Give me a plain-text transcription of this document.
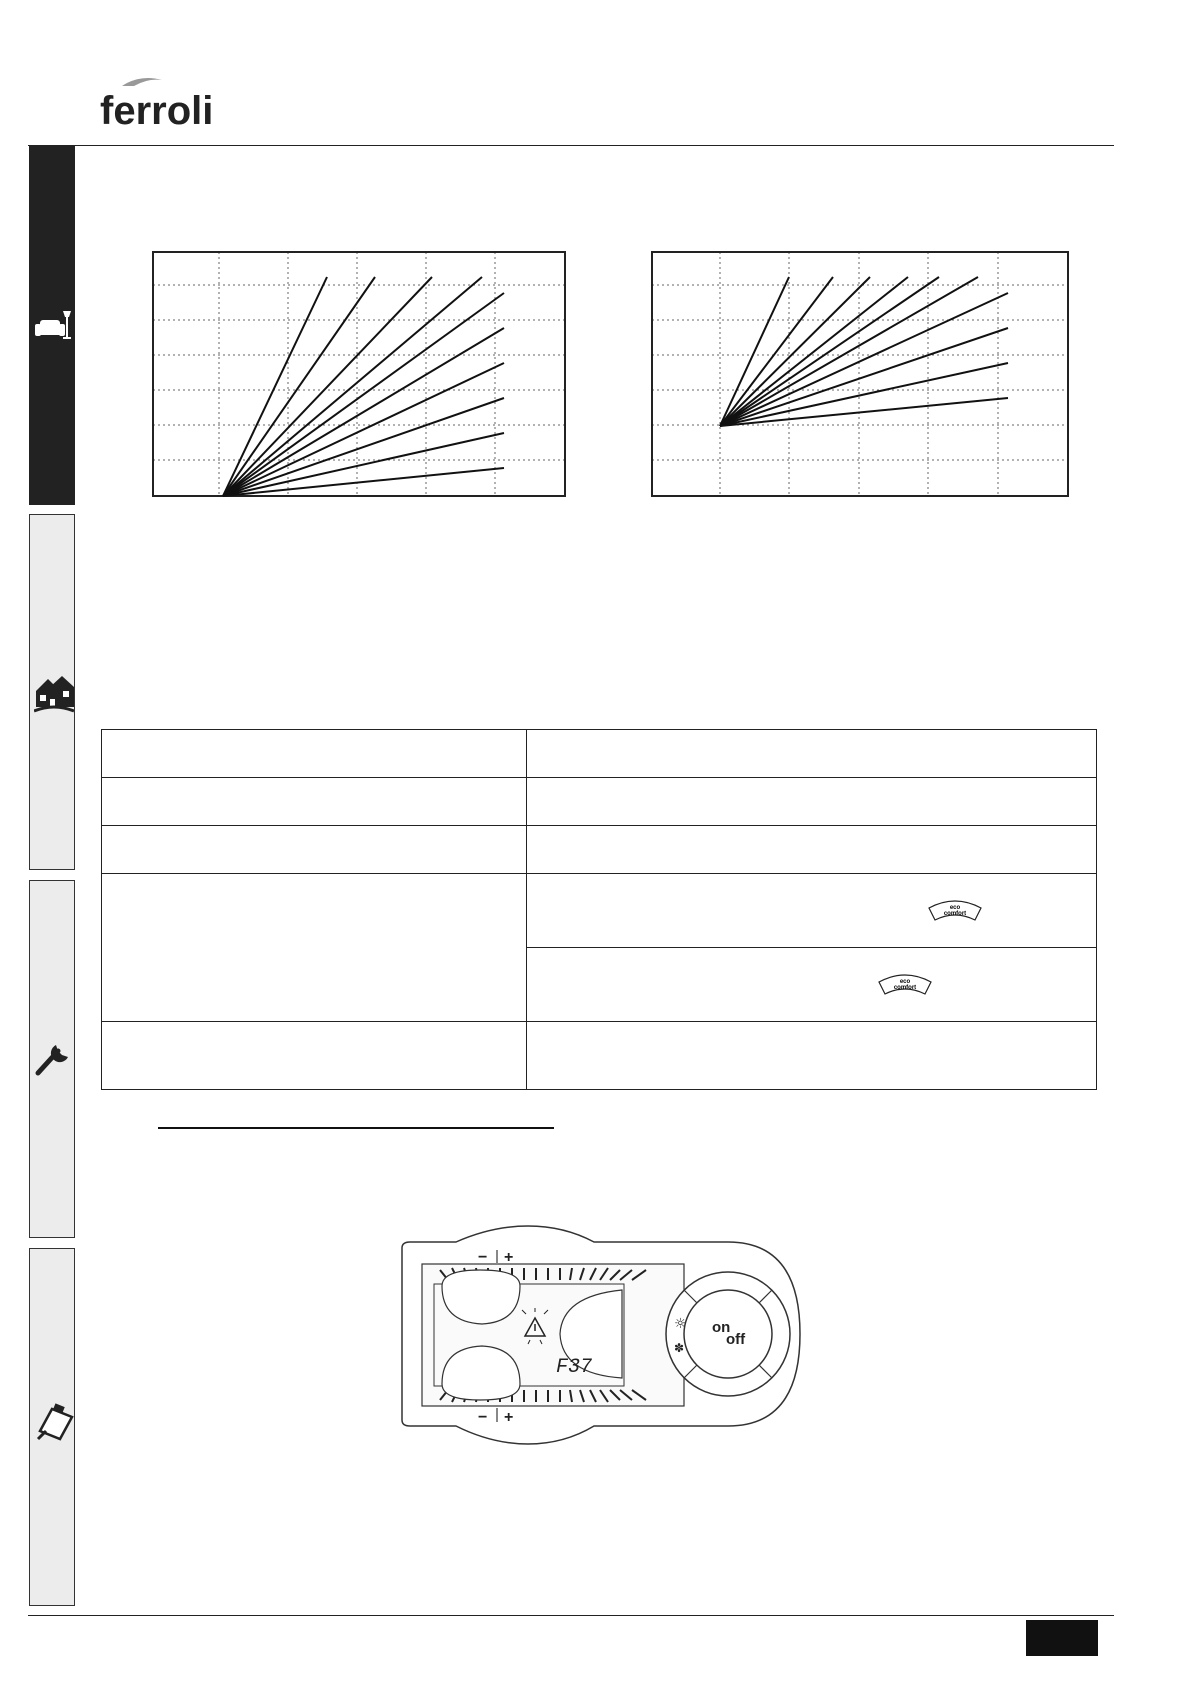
ferroli

eco
comfort

eco
comfort

F37
− +
− +
☼
✽
on
off
